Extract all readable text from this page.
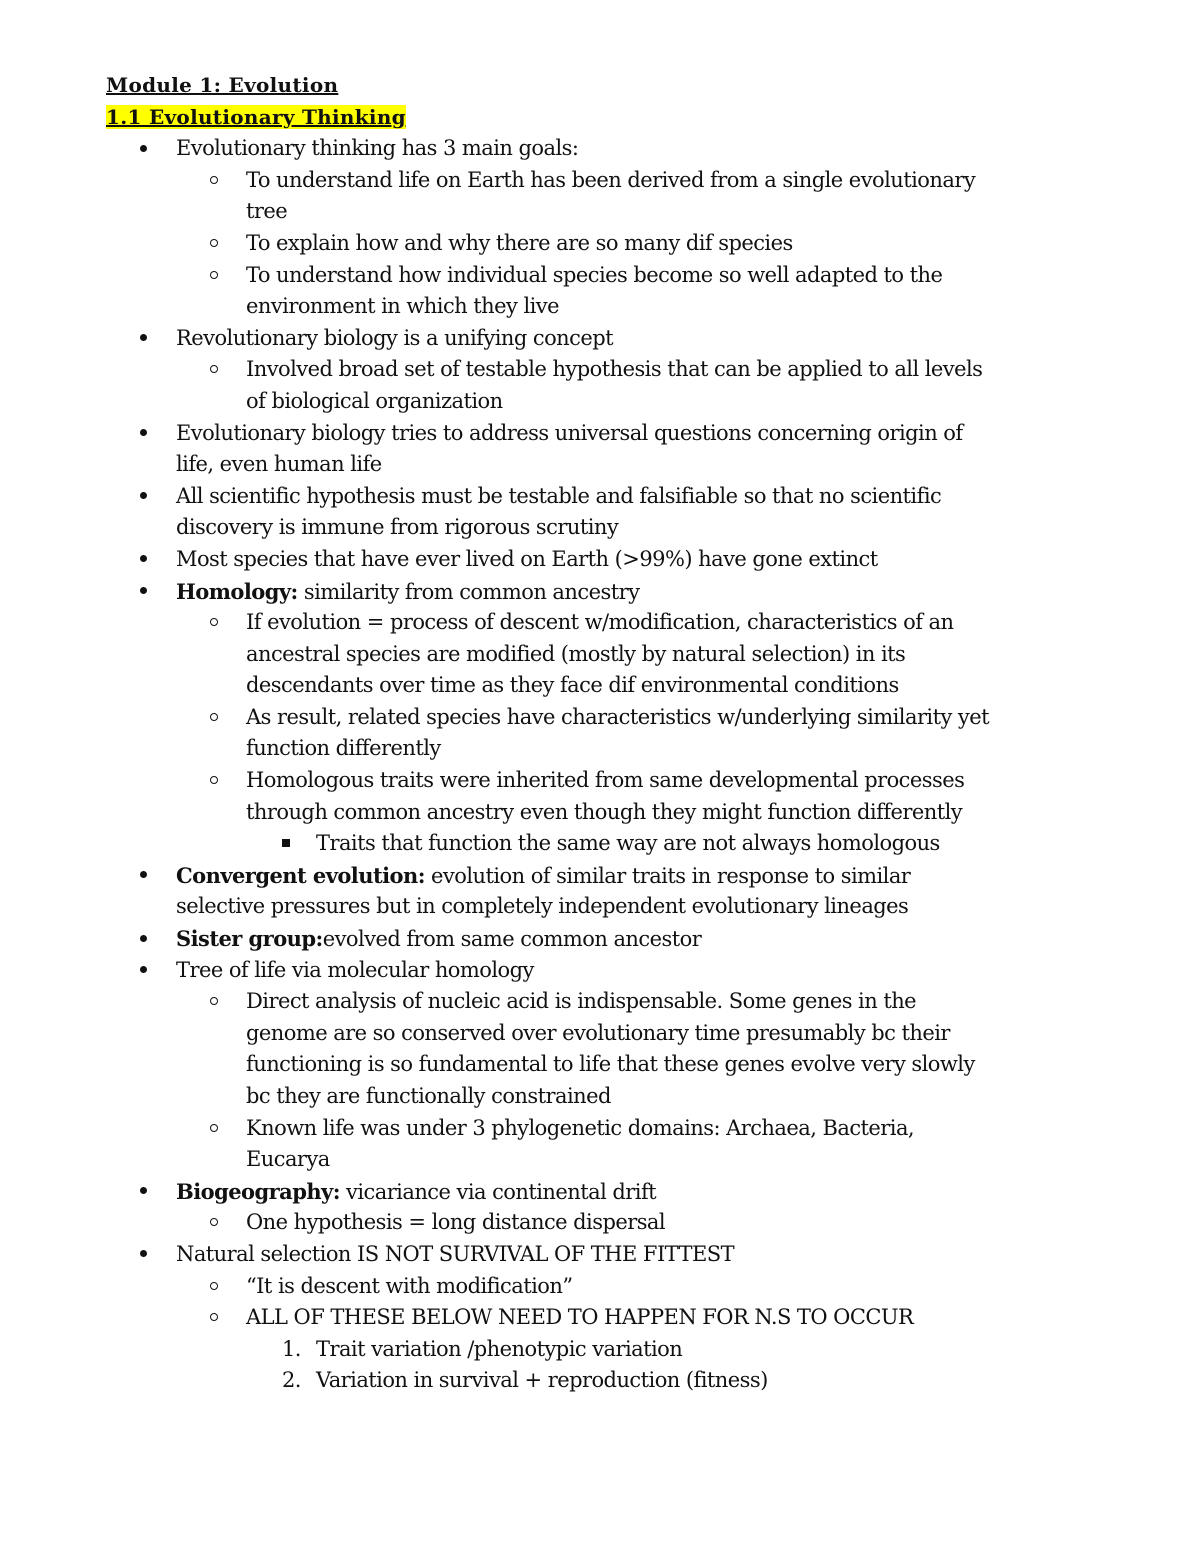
Module 1: Evolution
1.1 Evolutionary Thinking
Evolutionary thinking has 3 main goals:
To understand life on Earth has been derived from a single evolutionary
tree
To explain how and why there are so many dif species
To understand how individual species become so well adapted to the
environment in which they live
Revolutionary biology is a unifying concept
Involved broad set of testable hypothesis that can be applied to all levels
of biological organization
Evolutionary biology tries to address universal questions concerning origin of
life, even human life
All scientific hypothesis must be testable and falsifiable so that no scientific
discovery is immune from rigorous scrutiny
Most species that have ever lived on Earth (>99%) have gone extinct
Homology: similarity from common ancestry
If evolution = process of descent w/modification, characteristics of an
ancestral species are modified (mostly by natural selection) in its
descendants over time as they face dif environmental conditions
As result, related species have characteristics w/underlying similarity yet
function differently
Homologous traits were inherited from same developmental processes
through common ancestry even though they might function differently
Traits that function the same way are not always homologous
Convergent evolution: evolution of similar traits in response to similar
selective pressures but in completely independent evolutionary lineages
Sister group:evolved from same common ancestor
Tree of life via molecular homology
Direct analysis of nucleic acid is indispensable. Some genes in the
genome are so conserved over evolutionary time presumably bc their
functioning is so fundamental to life that these genes evolve very slowly
bc they are functionally constrained
Known life was under 3 phylogenetic domains: Archaea, Bacteria,
Eucarya
Biogeography: vicariance via continental drift
One hypothesis = long distance dispersal
Natural selection IS NOT SURVIVAL OF THE FITTEST
“It is descent with modification”
ALL OF THESE BELOW NEED TO HAPPEN FOR N.S TO OCCUR
1. Trait variation /phenotypic variation
2. Variation in survival + reproduction (fitness)
